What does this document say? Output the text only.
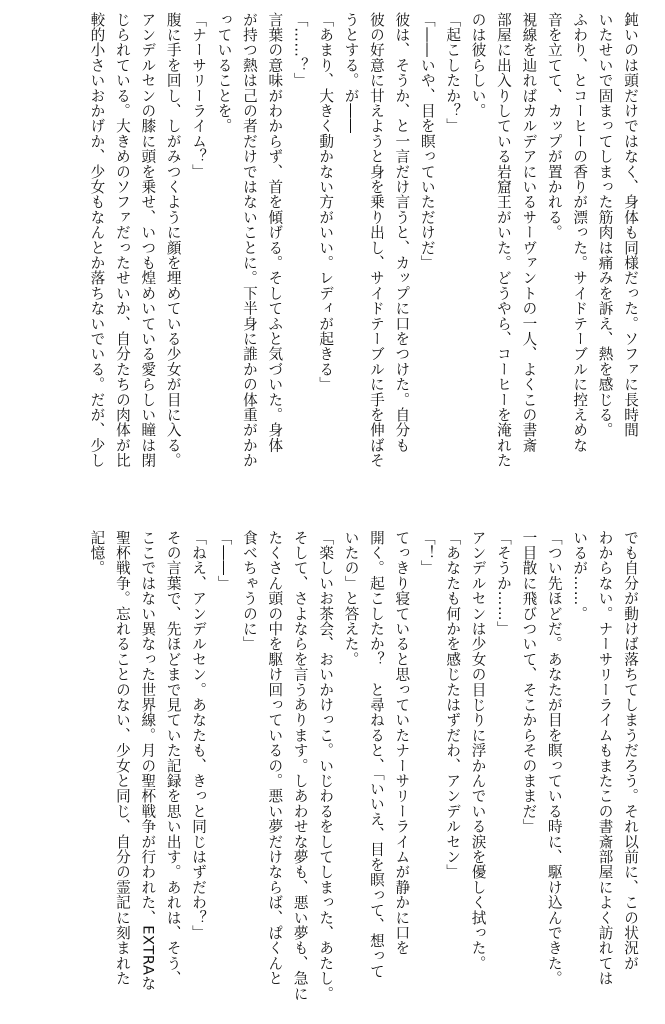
鈍いのは頭だけではなく、身体も同様だった。ソファに長時間

いたせいで固まってしまった筋肉は痛みを訴え、熱を感じる。

ふわり、とコーヒーの香りが漂った。サイドテーブルに控えめな

音を立てて、カップが置かれる。

視線を辿ればカルデアにいるサーヴァントの一人、よくこの書斎

部屋に出入りしている岩窟王がいた。どうやら、コーヒーを淹れた

のは彼らしい。

「起こしたか？」

「――いや、目を瞑っていただけだ」

彼は、そうか、と一言だけ言うと、カップに口をつけた。自分も

彼の好意に甘えようと身を乗り出し、サイドテーブルに手を伸ばそ

うとする。が――

「あまり、大きく動かない方がいい。レディが起きる」

「……？」

言葉の意味がわからず、首を傾げる。そしてふと気づいた。身体

が持つ熱は己の者だけではないことに。下半身に誰かの体重がかか

っていることを。

「ナーサリーライム？」

腹に手を回し、しがみつくように顔を埋めている少女が目に入る。

アンデルセンの膝に頭を乗せ、いつも煌めいている愛らしい瞳は閉

じられている。大きめのソファだったせいか、自分たちの肉体が比

較的小さいおかげか、少女もなんとか落ちないでいる。だが、少し

でも自分が動けば落ちてしまうだろう。それ以前に、この状況が

わからない。ナーサリーライムもまたこの書斎部屋によく訪れては

いるが……。

「つい先ほどだ。あなたが目を瞑っている時に、駆け込んできた。

一目散に飛びついて、そこからそのままだ」

「そうか……」

アンデルセンは少女の目じりに浮かんでいる涙を優しく拭った。

「あなたも何かを感じたはずだわ、アンデルセン」

「！」

てっきり寝ていると思っていたナーサリーライムが静かに口を

開く。起こしたか？　と尋ねると、「いいえ、目を瞑って、想って

いたの」と答えた。

「楽しいお茶会、おいかけっこ。いじわるをしてしまった、あたし。

そして、さよならを言うあります。しあわせな夢も、悪い夢も、急に

たくさん頭の中を駆け回っているの。悪い夢だけならば、ぱくんと

食べちゃうのに」

「――」

「ねえ、アンデルセン。あなたも、きっと同じはずだわ？」

その言葉で、先ほどまで見ていた記録を思い出す。あれは、そう、

ここではない異なった世界線。月の聖杯戦争が行われた、EXTRAな

聖杯戦争。忘れることのない、少女と同じ、自分の霊記に刻まれた

記憶。
